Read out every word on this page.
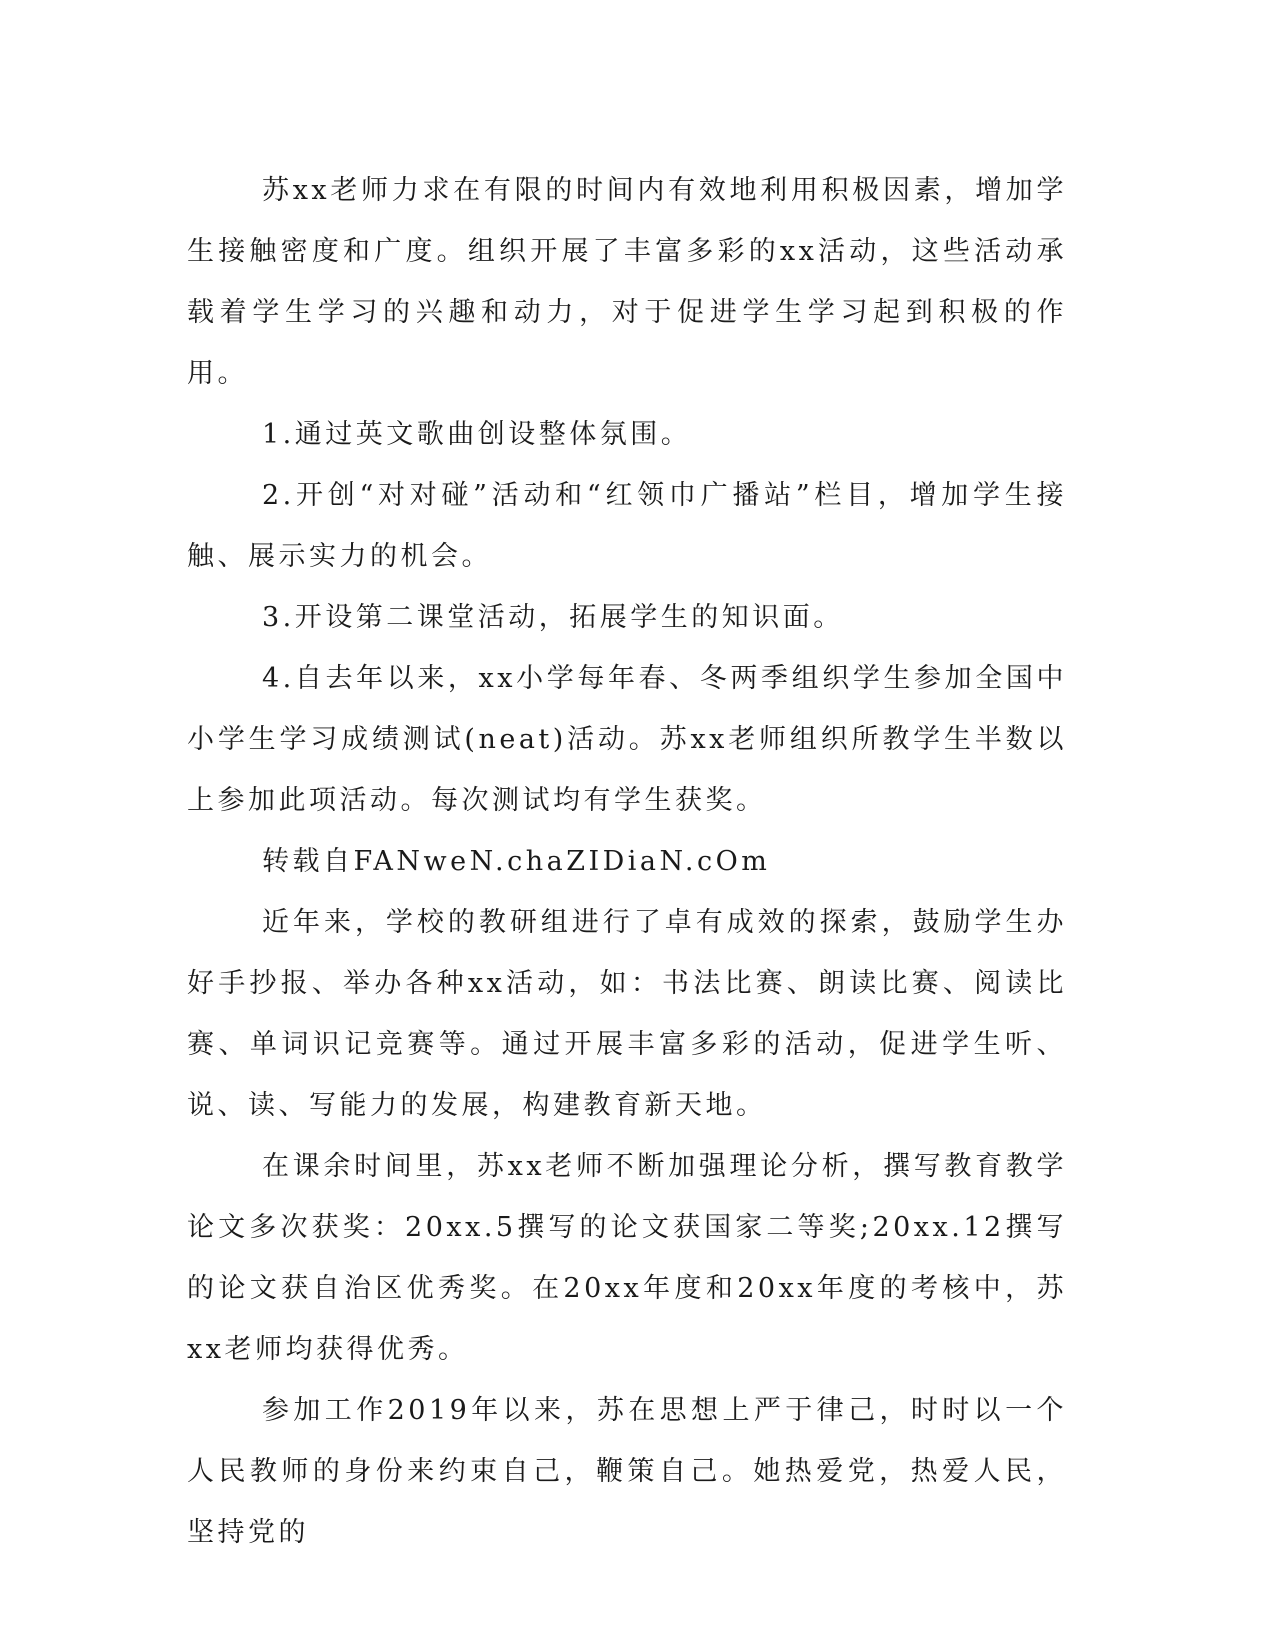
苏xx老师力求在有限的时间内有效地利用积极因素，增加学生接触密度和广度。组织开展了丰富多彩的xx活动，这些活动承载着学生学习的兴趣和动力，对于促进学生学习起到积极的作用。

1.通过英文歌曲创设整体氛围。

2.开创“对对碰”活动和“红领巾广播站”栏目，增加学生接触、展示实力的机会。

3.开设第二课堂活动，拓展学生的知识面。

4.自去年以来，xx小学每年春、冬两季组织学生参加全国中小学生学习成绩测试(neat)活动。苏xx老师组织所教学生半数以上参加此项活动。每次测试均有学生获奖。

转载自FANweN.chaZIDiaN.cOm

近年来，学校的教研组进行了卓有成效的探索，鼓励学生办好手抄报、举办各种xx活动，如：书法比赛、朗读比赛、阅读比赛、单词识记竞赛等。通过开展丰富多彩的活动，促进学生听、说、读、写能力的发展，构建教育新天地。

在课余时间里，苏xx老师不断加强理论分析，撰写教育教学论文多次获奖：20xx.5撰写的论文获国家二等奖;20xx.12撰写的论文获自治区优秀奖。在20xx年度和20xx年度的考核中，苏xx老师均获得优秀。

参加工作2019年以来，苏在思想上严于律己，时时以一个人民教师的身份来约束自己，鞭策自己。她热爱党，热爱人民，坚持党的
